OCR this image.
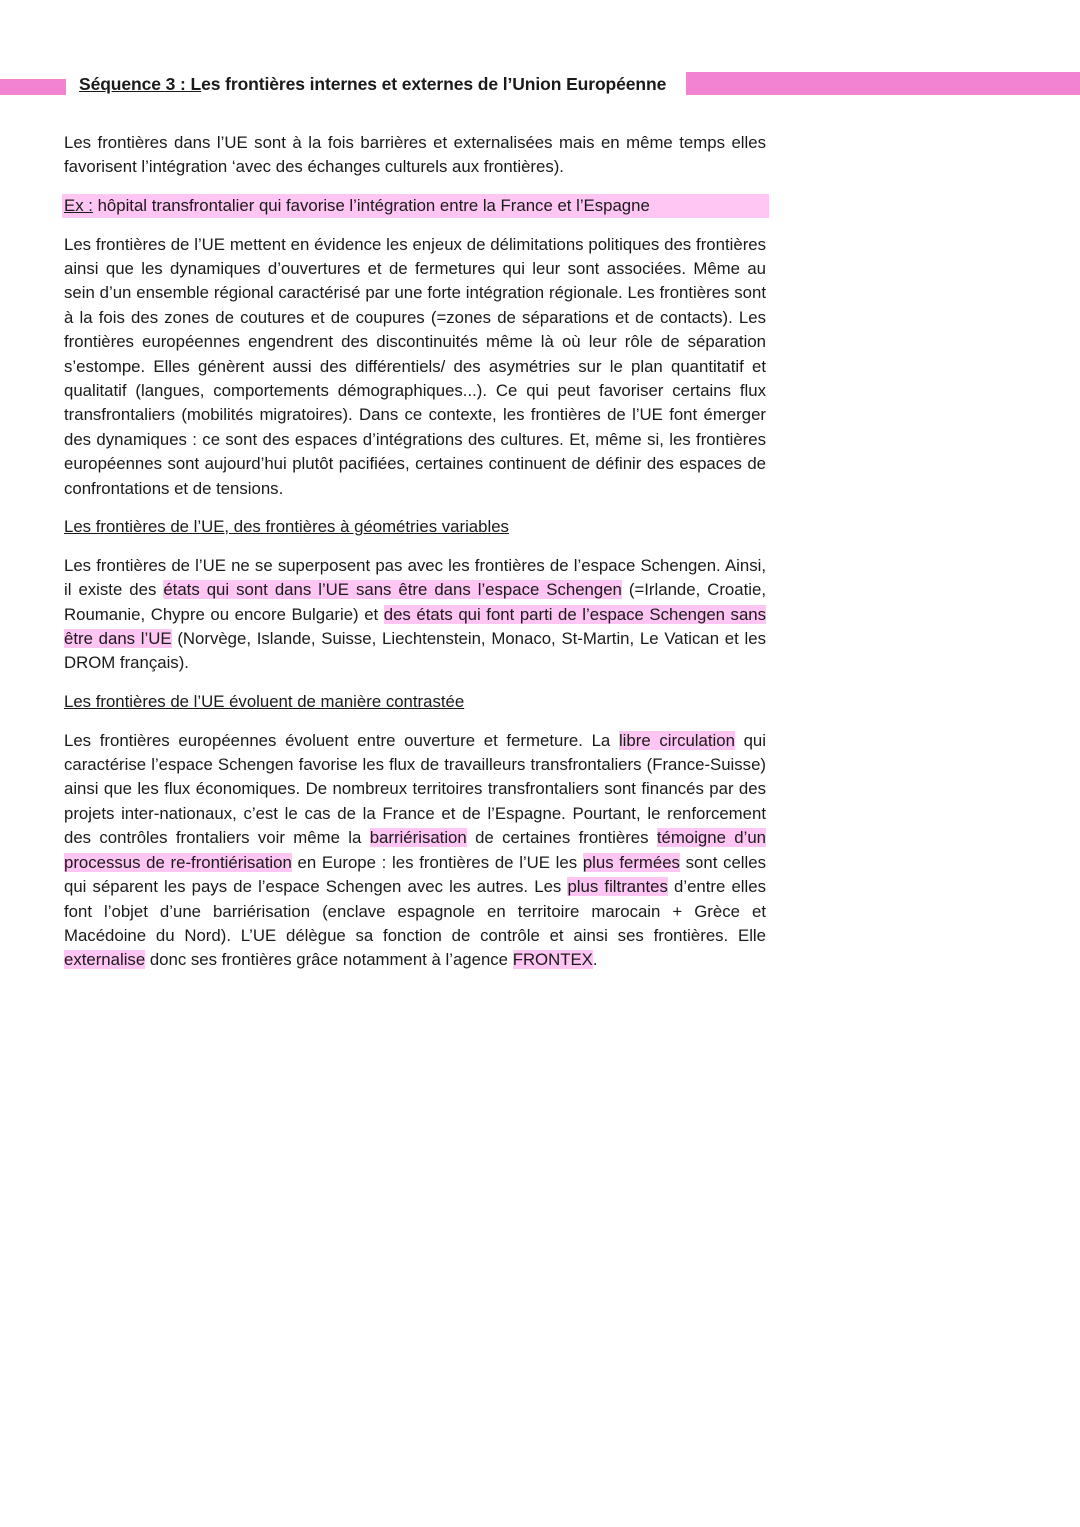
Séquence 3 : Les frontières internes et externes de l’Union Européenne

Les frontières dans l’UE sont à la fois barrières et externalisées mais en même temps elles favorisent l’intégration ‘avec des échanges culturels aux frontières).

Ex : hôpital transfrontalier qui favorise l’intégration entre la France et l’Espagne

Les frontières de l’UE mettent en évidence les enjeux de délimitations politiques des frontières ainsi que les dynamiques d’ouvertures et de fermetures qui leur sont associées. Même au sein d’un ensemble régional caractérisé par une forte intégration régionale. Les frontières sont à la fois des zones de coutures et de coupures (=zones de séparations et de contacts). Les frontières européennes engendrent des discontinuités même là où leur rôle de séparation s’estompe. Elles génèrent aussi des différentiels/ des asymétries sur le plan quantitatif et qualitatif (langues, comportements démographiques...). Ce qui peut favoriser certains flux transfrontaliers (mobilités migratoires). Dans ce contexte, les frontières de l’UE font émerger des dynamiques : ce sont des espaces d’intégrations des cultures. Et, même si, les frontières européennes sont aujourd’hui plutôt pacifiées, certaines continuent de définir des espaces de confrontations et de tensions.

Les frontières de l’UE, des frontières à géométries variables

Les frontières de l’UE ne se superposent pas avec les frontières de l’espace Schengen. Ainsi, il existe des états qui sont dans l’UE sans être dans l’espace Schengen (=Irlande, Croatie, Roumanie, Chypre ou encore Bulgarie) et des états qui font parti de l’espace Schengen sans être dans l’UE (Norvège, Islande, Suisse, Liechtenstein, Monaco, St-Martin, Le Vatican et les DROM français).

Les frontières de l’UE évoluent de manière contrastée

Les frontières européennes évoluent entre ouverture et fermeture. La libre circulation qui caractérise l’espace Schengen favorise les flux de travailleurs transfrontaliers (France-Suisse) ainsi que les flux économiques. De nombreux territoires transfrontaliers sont financés par des projets inter-nationaux, c’est le cas de la France et de l’Espagne. Pourtant, le renforcement des contrôles frontaliers voir même la barriérisation de certaines frontières témoigne d’un processus de re-frontiérisation en Europe : les frontières de l’UE les plus fermées sont celles qui séparent les pays de l’espace Schengen avec les autres. Les plus filtrantes d’entre elles font l’objet d’une barriérisation (enclave espagnole en territoire marocain + Grèce et Macédoine du Nord). L’UE délègue sa fonction de contrôle et ainsi ses frontières. Elle externalise donc ses frontières grâce notamment à l’agence FRONTEX.
